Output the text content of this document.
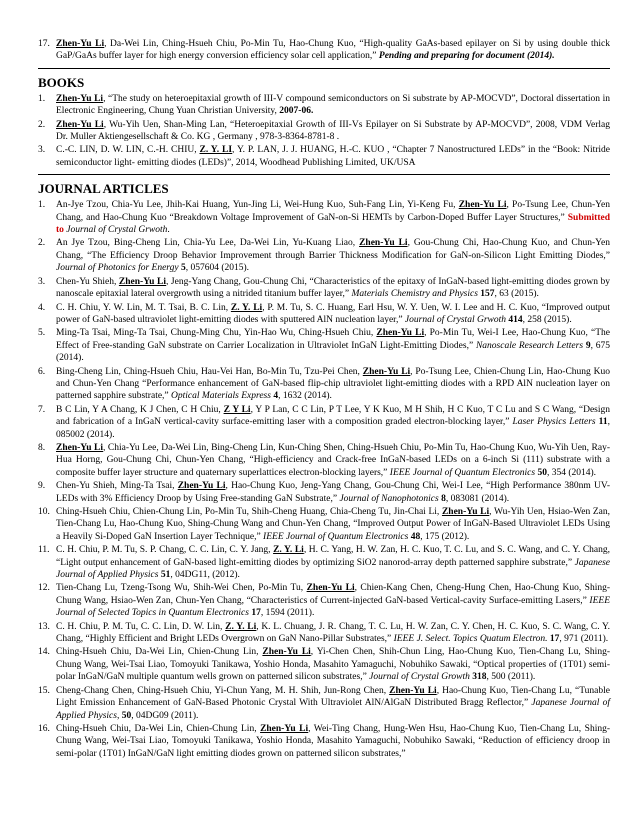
17. Zhen-Yu Li, Da-Wei Lin, Ching-Hsueh Chiu, Po-Min Tu, Hao-Chung Kuo, “High-quality GaAs-based epilayer on Si by using double thick GaP/GaAs buffer layer for high energy conversion efficiency solar cell application,” Pending and preparing for document (2014).
BOOKS
1. Zhen-Yu Li, “The study on heteroepitaxial growth of III-V compound semiconductors on Si substrate by AP-MOCVD”, Doctoral dissertation in Electronic Engineering, Chung Yuan Christian University, 2007-06.
2. Zhen-Yu Li, Wu-Yih Uen, Shan-Ming Lan, “Heteroepitaxial Growth of III-Vs Epilayer on Si Substrate by AP-MOCVD”, 2008, VDM Verlag Dr. Muller Aktiengesellschaft & Co. KG , Germany , 978-3-8364-8781-8 .
3. C.-C. LIN, D. W. LIN, C.-H. CHIU, Z. Y. LI, Y. P. LAN, J. J. HUANG, H.-C. KUO , “Chapter 7 Nanostructured LEDs” in the “Book: Nitride semiconductor light- emitting diodes (LEDs)”, 2014, Woodhead Publishing Limited, UK/USA
JOURNAL ARTICLES
1. An-Jye Tzou, Chia-Yu Lee, Jhih-Kai Huang, Yun-Jing Li, Wei-Hung Kuo, Suh-Fang Lin, Yi-Keng Fu, Zhen-Yu Li, Po-Tsung Lee, Chun-Yen Chang, and Hao-Chung Kuo “Breakdown Voltage Improvement of GaN-on-Si HEMTs by Carbon-Doped Buffer Layer Structures,” Submitted to Journal of Crystal Grwoth.
2. An Jye Tzou, Bing-Cheng Lin, Chia-Yu Lee, Da-Wei Lin, Yu-Kuang Liao, Zhen-Yu Li, Gou-Chung Chi, Hao-Chung Kuo, and Chun-Yen Chang, “The Efficiency Droop Behavior Improvement through Barrier Thickness Modification for GaN-on-Silicon Light Emitting Diodes,” Journal of Photonics for Energy 5, 057604 (2015).
3. Chen-Yu Shieh, Zhen-Yu Li, Jeng-Yang Chang, Gou-Chung Chi, “Characteristics of the epitaxy of InGaN-based light-emitting diodes grown by nanoscale epitaxial lateral overgrowth using a nitrided titanium buffer layer,” Materials Chemistry and Physics 157, 63 (2015).
4. C. H. Chiu, Y. W. Lin, M. T. Tsai, B. C. Lin, Z. Y. Li, P. M. Tu, S. C. Huang, Earl Hsu, W. Y. Uen, W. I. Lee and H. C. Kuo, “Improved output power of GaN-based ultraviolet light-emitting diodes with sputtered AlN nucleation layer,” Journal of Crystal Grwoth 414, 258 (2015).
5. Ming-Ta Tsai, Ming-Ta Tsai, Chung-Ming Chu, Yin-Hao Wu, Ching-Hsueh Chiu, Zhen-Yu Li, Po-Min Tu, Wei-I Lee, Hao-Chung Kuo, “The Effect of Free-standing GaN substrate on Carrier Localization in Ultraviolet InGaN Light-Emitting Diodes,” Nanoscale Research Letters 9, 675 (2014).
6. Bing-Cheng Lin, Ching-Hsueh Chiu, Hau-Vei Han, Bo-Min Tu, Tzu-Pei Chen, Zhen-Yu Li, Po-Tsung Lee, Chien-Chung Lin, Hao-Chung Kuo and Chun-Yen Chang “Performance enhancement of GaN-based flip-chip ultraviolet light-emitting diodes with a RPD AlN nucleation layer on patterned sapphire substrate,” Optical Materials Express 4, 1632 (2014).
7. B C Lin, Y A Chang, K J Chen, C H Chiu, Z Y Li, Y P Lan, C C Lin, P T Lee, Y K Kuo, M H Shih, H C Kuo, T C Lu and S C Wang, “Design and fabrication of a InGaN vertical-cavity surface-emitting laser with a composition graded electron-blocking layer,” Laser Physics Letters 11, 085002 (2014).
8. Zhen-Yu Li, Chia-Yu Lee, Da-Wei Lin, Bing-Cheng Lin, Kun-Ching Shen, Ching-Hsueh Chiu, Po-Min Tu, Hao-Chung Kuo, Wu-Yih Uen, Ray-Hua Horng, Gou-Chung Chi, Chun-Yen Chang, “High-efficiency and Crack-free InGaN-based LEDs on a 6-inch Si (111) substrate with a composite buffer layer structure and quaternary superlattices electron-blocking layers,” IEEE Journal of Quantum Electronics 50, 354 (2014).
9. Chen-Yu Shieh, Ming-Ta Tsai, Zhen-Yu Li, Hao-Chung Kuo, Jeng-Yang Chang, Gou-Chung Chi, Wei-I Lee, “High Performance 380nm UV-LEDs with 3% Efficiency Droop by Using Free-standing GaN Substrate,” Journal of Nanophotonics 8, 083081 (2014).
10. Ching-Hsueh Chiu, Chien-Chung Lin, Po-Min Tu, Shih-Cheng Huang, Chia-Cheng Tu, Jin-Chai Li, Zhen-Yu Li, Wu-Yih Uen, Hsiao-Wen Zan, Tien-Chang Lu, Hao-Chung Kuo, Shing-Chung Wang and Chun-Yen Chang, “Improved Output Power of InGaN-Based Ultraviolet LEDs Using a Heavily Si-Doped GaN Insertion Layer Technique,” IEEE Journal of Quantum Electronics 48, 175 (2012).
11. C. H. Chiu, P. M. Tu, S. P. Chang, C. C. Lin, C. Y. Jang, Z. Y. Li, H. C. Yang, H. W. Zan, H. C. Kuo, T. C. Lu, and S. C. Wang, and C. Y. Chang, “Light output enhancement of GaN-based light-emitting diodes by optimizing SiO2 nanorod-array depth patterned sapphire substrate,” Japanese Journal of Applied Physics 51, 04DG11, (2012).
12. Tien-Chang Lu, Tzeng-Tsong Wu, Shih-Wei Chen, Po-Min Tu, Zhen-Yu Li, Chien-Kang Chen, Cheng-Hung Chen, Hao-Chung Kuo, Shing-Chung Wang, Hsiao-Wen Zan, Chun-Yen Chang, “Characteristics of Current-injected GaN-based Vertical-cavity Surface-emitting Lasers,” IEEE Journal of Selected Topics in Quantum Electronics 17, 1594 (2011).
13. C. H. Chiu, P. M. Tu, C. C. Lin, D. W. Lin, Z. Y. Li, K. L. Chuang, J. R. Chang, T. C. Lu, H. W. Zan, C. Y. Chen, H. C. Kuo, S. C. Wang, C. Y. Chang, “Highly Efficient and Bright LEDs Overgrown on GaN Nano-Pillar Substrates,” IEEE J. Select. Topics Quatum Electron. 17, 971 (2011).
14. Ching-Hsueh Chiu, Da-Wei Lin, Chien-Chung Lin, Zhen-Yu Li, Yi-Chen Chen, Shih-Chun Ling, Hao-Chung Kuo, Tien-Chang Lu, Shing-Chung Wang, Wei-Tsai Liao, Tomoyuki Tanikawa, Yoshio Honda, Masahito Yamaguchi, Nobuhiko Sawaki, “Optical properties of (1T01) semi-polar InGaN/GaN multiple quantum wells grown on patterned silicon substrates,” Journal of Crystal Growth 318, 500 (2011).
15. Cheng-Chang Chen, Ching-Hsueh Chiu, Yi-Chun Yang, M. H. Shih, Jun-Rong Chen, Zhen-Yu Li, Hao-Chung Kuo, Tien-Chang Lu, “Tunable Light Emission Enhancement of GaN-Based Photonic Crystal With Ultraviolet AlN/AlGaN Distributed Bragg Reflector,” Japanese Journal of Applied Physics, 50, 04DG09 (2011).
16. Ching-Hsueh Chiu, Da-Wei Lin, Chien-Chung Lin, Zhen-Yu Li, Wei-Ting Chang, Hung-Wen Hsu, Hao-Chung Kuo, Tien-Chang Lu, Shing-Chung Wang, Wei-Tsai Liao, Tomoyuki Tanikawa, Yoshio Honda, Masahito Yamaguchi, Nobuhiko Sawaki, “Reduction of efficiency droop in semi-polar (1T01) InGaN/GaN light emitting diodes grown on patterned silicon substrates,”
